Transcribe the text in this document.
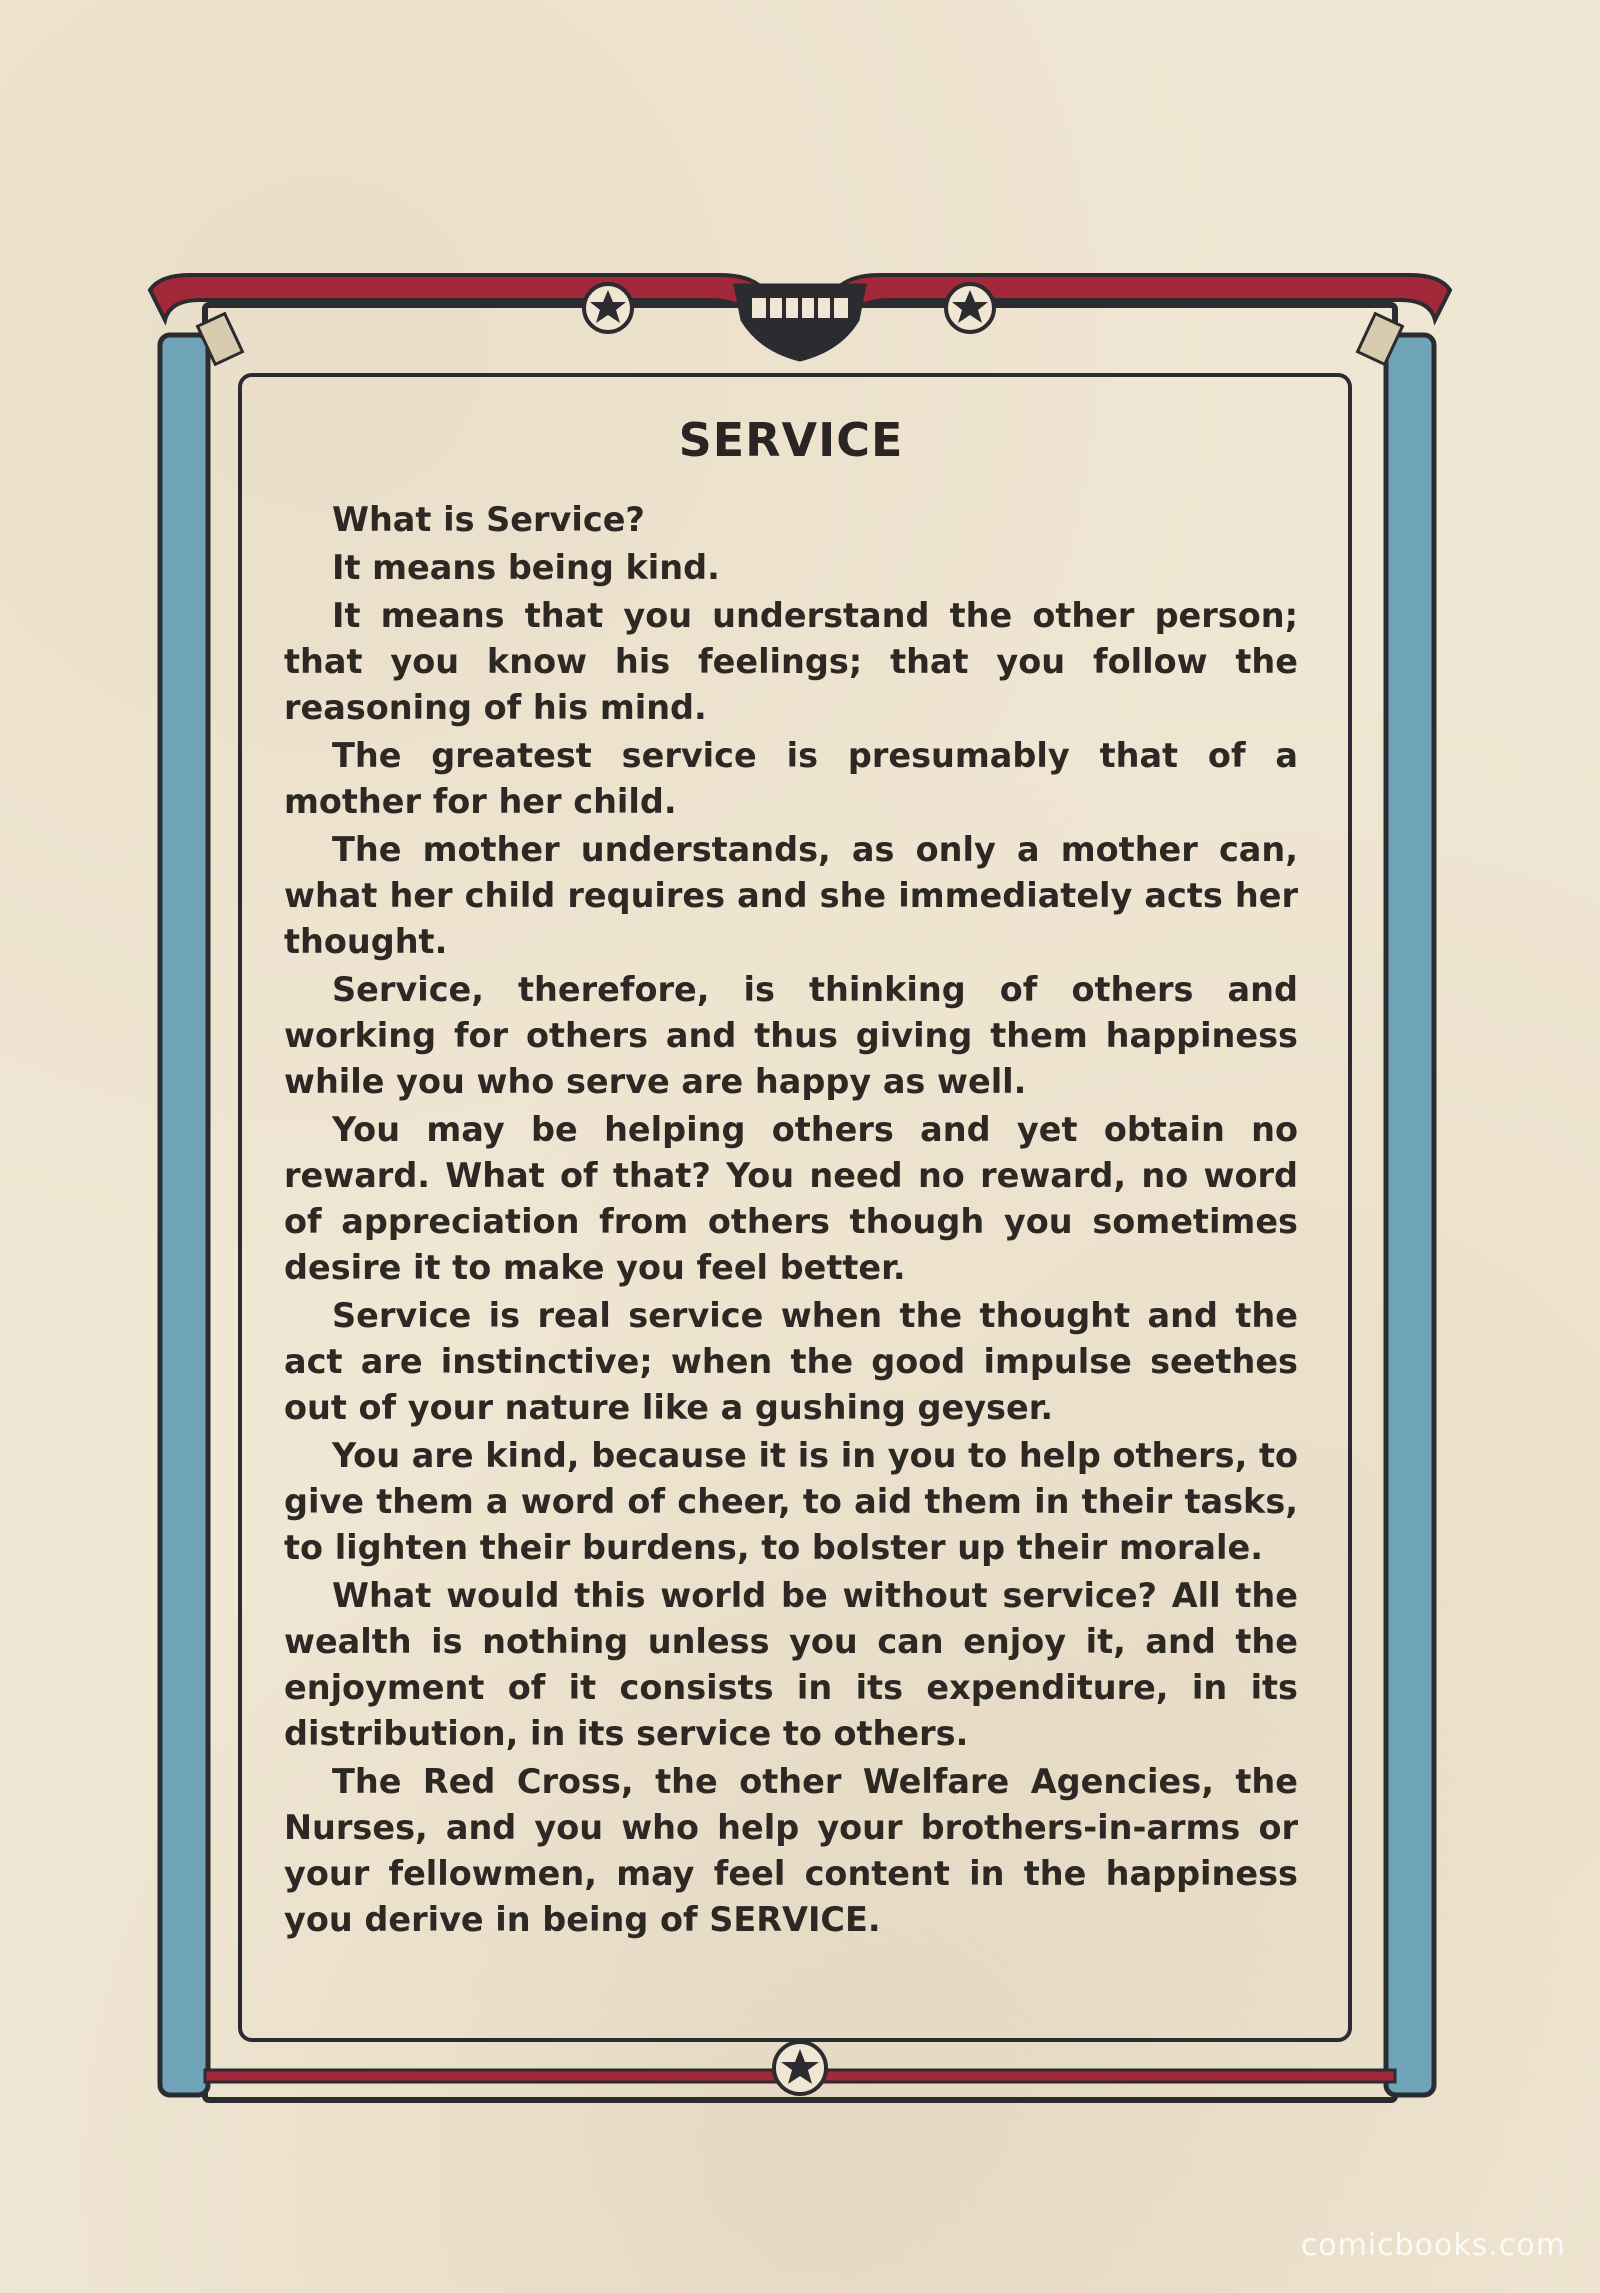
SERVICE

What is Service?

It means being kind.

It means that you understand the other person; that you know his feelings; that you follow the reasoning of his mind.

The greatest service is presumably that of a mother for her child.

The mother understands, as only a mother can, what her child requires and she immediately acts her thought.

Service, therefore, is thinking of others and working for others and thus giving them happiness while you who serve are happy as well.

You may be helping others and yet obtain no reward. What of that? You need no reward, no word of appreciation from others though you sometimes desire it to make you feel better.

Service is real service when the thought and the act are instinctive; when the good impulse seethes out of your nature like a gushing geyser.

You are kind, because it is in you to help others, to give them a word of cheer, to aid them in their tasks, to lighten their burdens, to bolster up their morale.

What would this world be without service? All the wealth is nothing unless you can enjoy it, and the enjoyment of it consists in its expenditure, in its distribution, in its service to others.

The Red Cross, the other Welfare Agencies, the Nurses, and you who help your brothers-in-arms or your fellowmen, may feel content in the happiness you derive in being of SERVICE.

comicbooks.com
